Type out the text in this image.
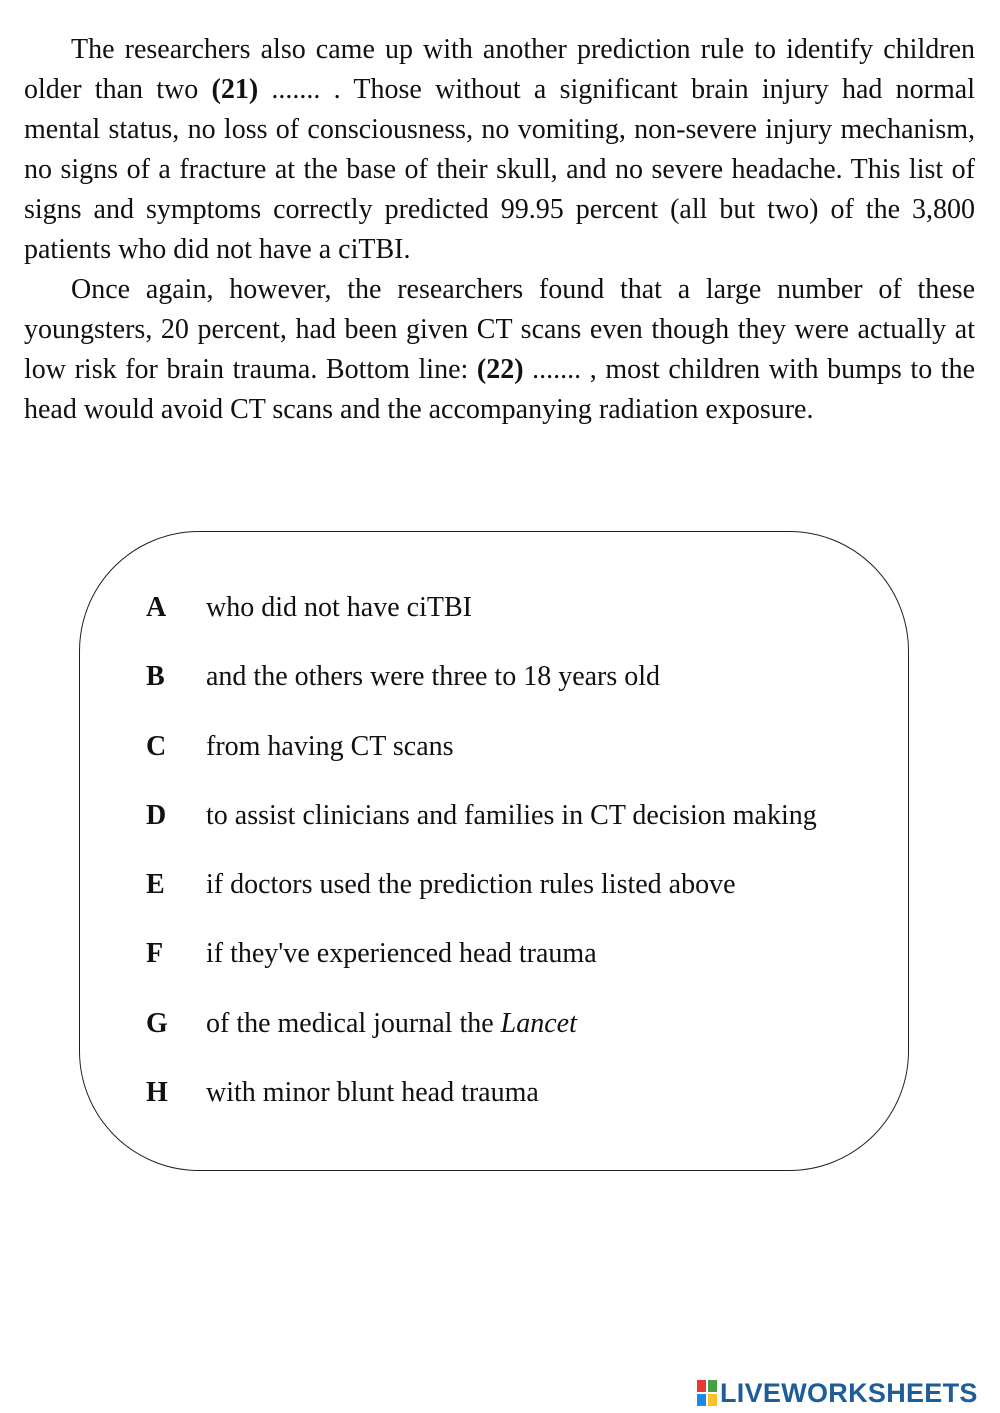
The researchers also came up with another prediction rule to identify children older than two (21) ....... . Those without a significant brain injury had normal mental status, no loss of consciousness, no vomiting, non-severe injury mechanism, no signs of a fracture at the base of their skull, and no severe headache. This list of signs and symptoms correctly predicted 99.95 percent (all but two) of the 3,800 patients who did not have a ciTBI.

Once again, however, the researchers found that a large number of these youngsters, 20 percent, had been given CT scans even though they were actually at low risk for brain trauma. Bottom line: (22) ....... , most children with bumps to the head would avoid CT scans and the accompanying radiation exposure.

A who did not have ciTBI
B and the others were three to 18 years old
C from having CT scans
D to assist clinicians and families in CT decision making
E if doctors used the prediction rules listed above
F if they've experienced head trauma
G of the medical journal the Lancet
H with minor blunt head trauma
LIVEWORKSHEETS
